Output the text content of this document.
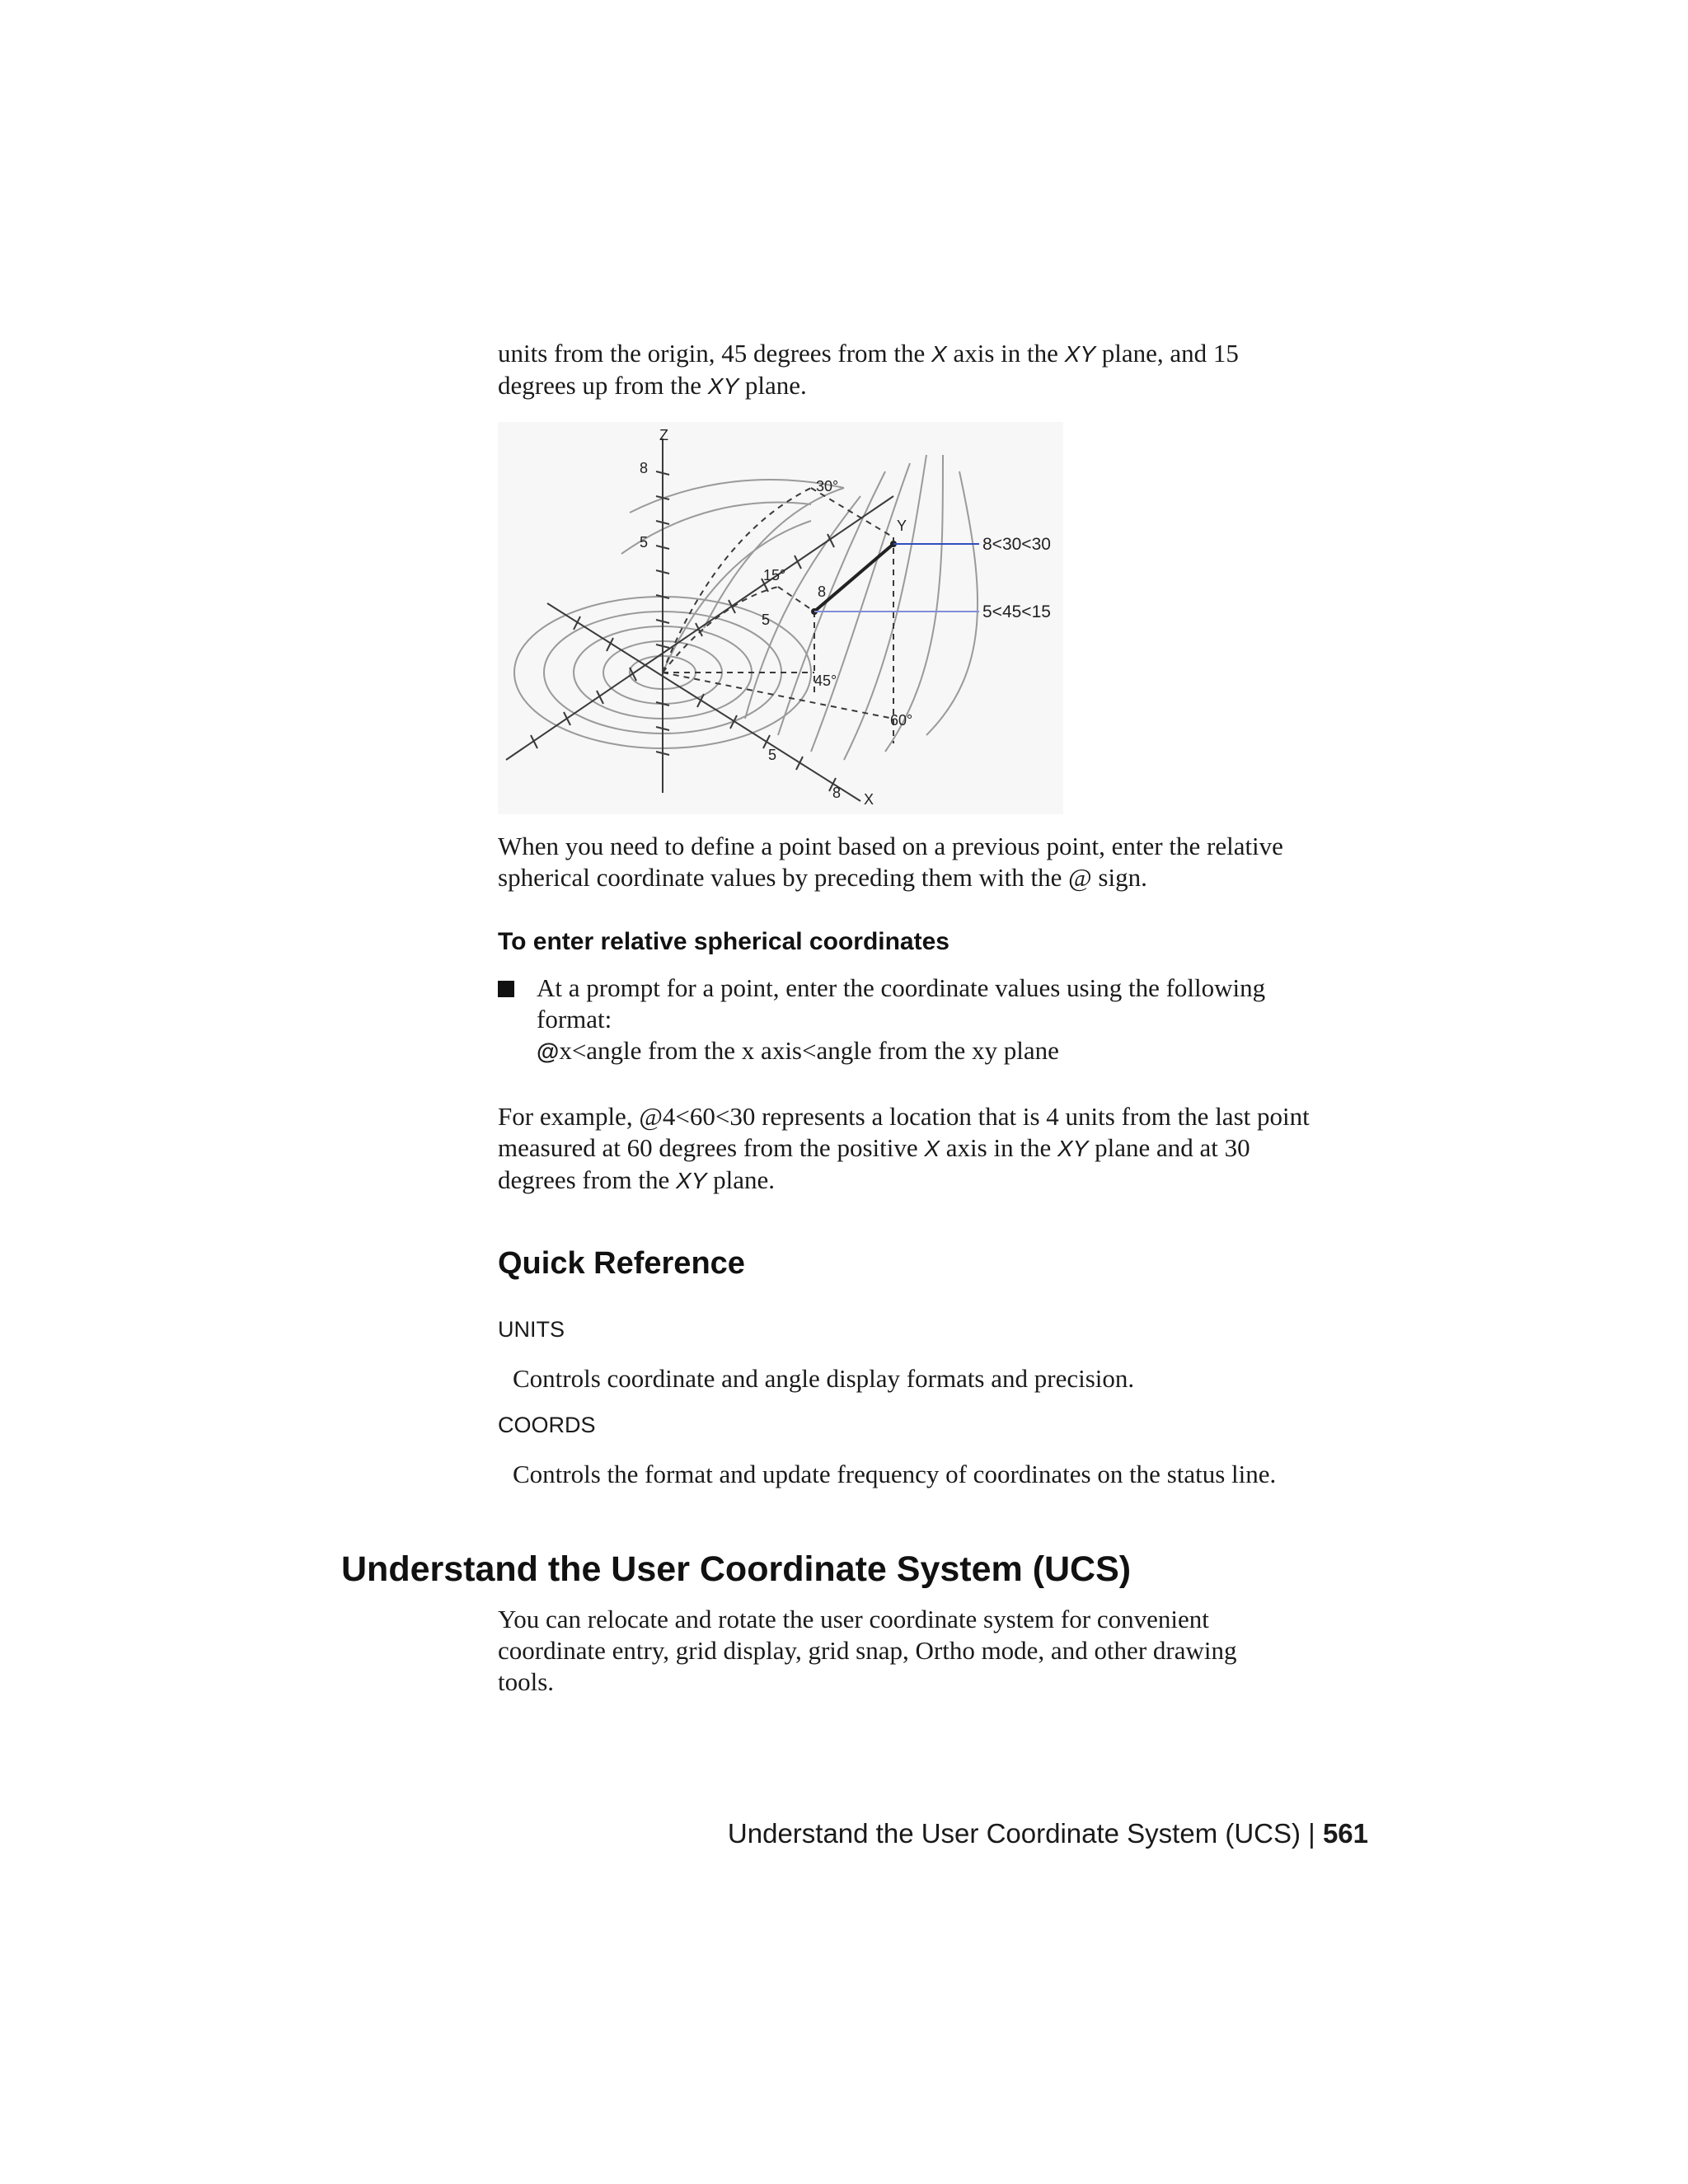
units from the origin, 45 degrees from the X axis in the XY plane, and 15
degrees up from the XY plane.
Z
Y
X
8
5
8
5
8
5
30°
15°
45°
60°
8<30<30
5<45<15
When you need to define a point based on a previous point, enter the relative
spherical coordinate values by preceding them with the @ sign.
To enter relative spherical coordinates
At a prompt for a point, enter the coordinate values using the following
format:
@x<angle from the x axis<angle from the xy plane
For example, @4<60<30 represents a location that is 4 units from the last point
measured at 60 degrees from the positive X axis in the XY plane and at 30
degrees from the XY plane.
Quick Reference
UNITS
Controls coordinate and angle display formats and precision.
COORDS
Controls the format and update frequency of coordinates on the status line.
Understand the User Coordinate System (UCS)
You can relocate and rotate the user coordinate system for convenient
coordinate entry, grid display, grid snap, Ortho mode, and other drawing
tools.
Understand the User Coordinate System (UCS) | 561
